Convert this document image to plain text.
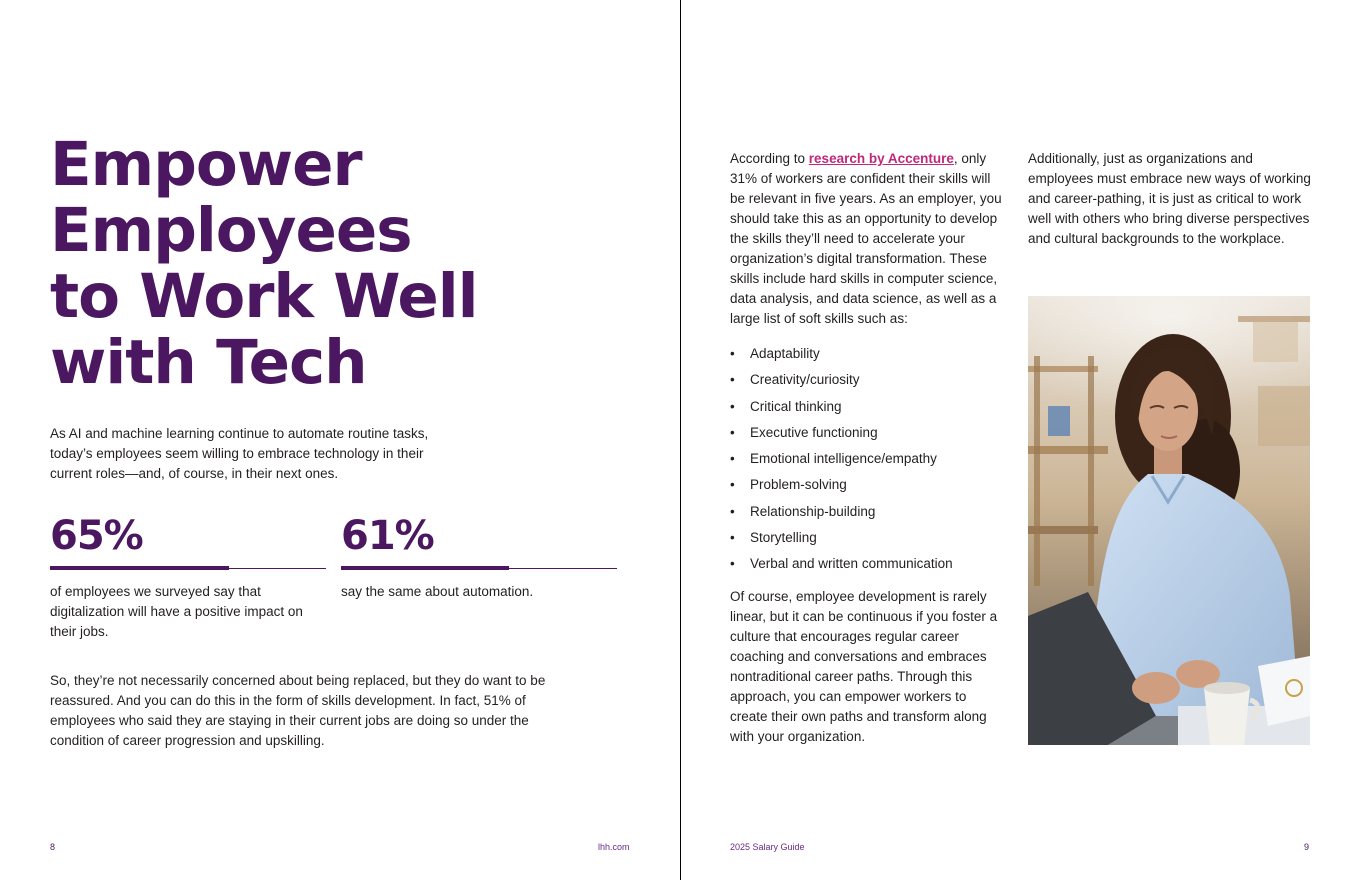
Empower
Employees
to Work Well
with Tech

As AI and machine learning continue to automate routine tasks, today’s employees seem willing to embrace technology in their current roles—and, of course, in their next ones.

65%

of employees we surveyed say that digitalization will have a positive impact on their jobs.

61%

say the same about automation.

So, they’re not necessarily concerned about being replaced, but they do want to be reassured. And you can do this in the form of skills development. In fact, 51% of employees who said they are staying in their current jobs are doing so under the condition of career progression and upskilling.

According to research by Accenture, only 31% of workers are confident their skills will be relevant in five years. As an employer, you should take this as an opportunity to develop the skills they’ll need to accelerate your organization’s digital transformation. These skills include hard skills in computer science, data analysis, and data science, as well as a large list of soft skills such as:

• Adaptability
• Creativity/curiosity
• Critical thinking
• Executive functioning
• Emotional intelligence/empathy
• Problem-solving
• Relationship-building
• Storytelling
• Verbal and written communication

Of course, employee development is rarely linear, but it can be continuous if you foster a culture that encourages regular career coaching and conversations and embraces nontraditional career paths. Through this approach, you can empower workers to create their own paths and transform along with your organization.

Additionally, just as organizations and employees must embrace new ways of working and career-pathing, it is just as critical to work well with others who bring diverse perspectives and cultural backgrounds to the workplace.

8	lhh.com	2025 Salary Guide	9
